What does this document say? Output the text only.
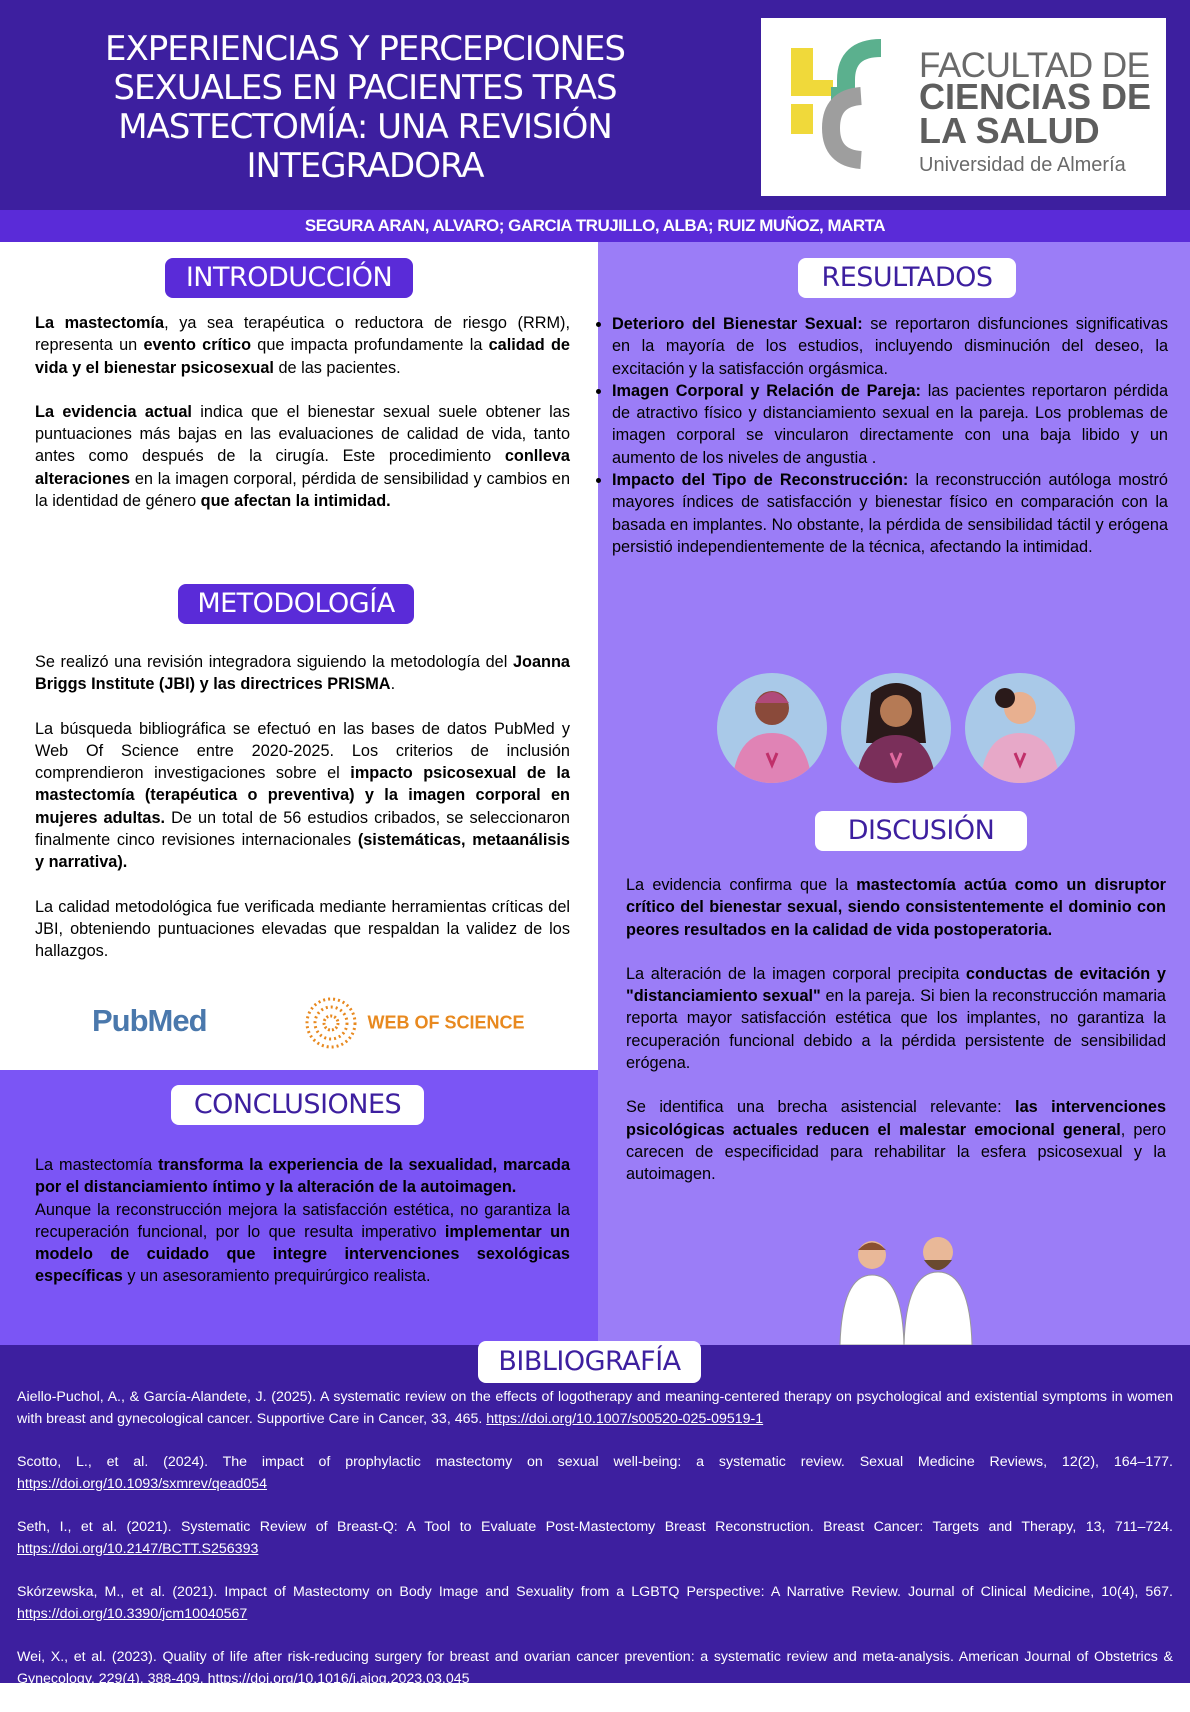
EXPERIENCIAS Y PERCEPCIONES SEXUALES EN PACIENTES TRAS MASTECTOMÍA: UNA REVISIÓN INTEGRADORA
FACULTAD DE
CIENCIAS DE
LA SALUD
Universidad de Almería
SEGURA ARAN, ALVARO; GARCIA TRUJILLO, ALBA; RUIZ MUÑOZ, MARTA
INTRODUCCIÓN

La mastectomía, ya sea terapéutica o reductora de riesgo (RRM), representa un evento crítico que impacta profundamente la calidad de vida y el bienestar psicosexual de las pacientes.

La evidencia actual indica que el bienestar sexual suele obtener las puntuaciones más bajas en las evaluaciones de calidad de vida, tanto antes como después de la cirugía. Este procedimiento conlleva alteraciones en la imagen corporal, pérdida de sensibilidad y cambios en la identidad de género que afectan la intimidad.

METODOLOGÍA

Se realizó una revisión integradora siguiendo la metodología del Joanna Briggs Institute (JBI) y las directrices PRISMA.

La búsqueda bibliográfica se efectuó en las bases de datos PubMed y Web Of Science entre 2020-2025. Los criterios de inclusión comprendieron investigaciones sobre el impacto psicosexual de la mastectomía (terapéutica o preventiva) y la imagen corporal en mujeres adultas. De un total de 56 estudios cribados, se seleccionaron finalmente cinco revisiones internacionales (sistemáticas, metaanálisis y narrativa).

La calidad metodológica fue verificada mediante herramientas críticas del JBI, obteniendo puntuaciones elevadas que respaldan la validez de los hallazgos.

PubMed	WEB OF SCIENCE
CONCLUSIONES

La mastectomía transforma la experiencia de la sexualidad, marcada por el distanciamiento íntimo y la alteración de la autoimagen.
Aunque la reconstrucción mejora la satisfacción estética, no garantiza la recuperación funcional, por lo que resulta imperativo implementar un modelo de cuidado que integre intervenciones sexológicas específicas y un asesoramiento prequirúrgico realista.

RESULTADOS
• Deterioro del Bienestar Sexual: se reportaron disfunciones significativas en la mayoría de los estudios, incluyendo disminución del deseo, la excitación y la satisfacción orgásmica.
• Imagen Corporal y Relación de Pareja: las pacientes reportaron pérdida de atractivo físico y distanciamiento sexual en la pareja. Los problemas de imagen corporal se vincularon directamente con una baja libido y un aumento de los niveles de angustia .
• Impacto del Tipo de Reconstrucción: la reconstrucción autóloga mostró mayores índices de satisfacción y bienestar físico en comparación con la basada en implantes. No obstante, la pérdida de sensibilidad táctil y erógena persistió independientemente de la técnica, afectando la intimidad.
DISCUSIÓN

La evidencia confirma que la mastectomía actúa como un disruptor crítico del bienestar sexual, siendo consistentemente el dominio con peores resultados en la calidad de vida postoperatoria.

La alteración de la imagen corporal precipita conductas de evitación y "distanciamiento sexual" en la pareja. Si bien la reconstrucción mamaria reporta mayor satisfacción estética que los implantes, no garantiza la recuperación funcional debido a la pérdida persistente de sensibilidad erógena.

Se identifica una brecha asistencial relevante: las intervenciones psicológicas actuales reducen el malestar emocional general, pero carecen de especificidad para rehabilitar la esfera psicosexual y la autoimagen.

BIBLIOGRAFÍA

Aiello-Puchol, A., & García-Alandete, J. (2025). A systematic review on the effects of logotherapy and meaning-centered therapy on psychological and existential symptoms in women with breast and gynecological cancer. Supportive Care in Cancer, 33, 465. https://doi.org/10.1007/s00520-025-09519-1

Scotto, L., et al. (2024). The impact of prophylactic mastectomy on sexual well-being: a systematic review. Sexual Medicine Reviews, 12(2), 164–177. https://doi.org/10.1093/sxmrev/qead054

Seth, I., et al. (2021). Systematic Review of Breast-Q: A Tool to Evaluate Post-Mastectomy Breast Reconstruction. Breast Cancer: Targets and Therapy, 13, 711–724. https://doi.org/10.2147/BCTT.S256393

Skórzewska, M., et al. (2021). Impact of Mastectomy on Body Image and Sexuality from a LGBTQ Perspective: A Narrative Review. Journal of Clinical Medicine, 10(4), 567. https://doi.org/10.3390/jcm10040567

Wei, X., et al. (2023). Quality of life after risk-reducing surgery for breast and ovarian cancer prevention: a systematic review and meta-analysis. American Journal of Obstetrics & Gynecology, 229(4), 388-409. https://doi.org/10.1016/j.ajog.2023.03.045
